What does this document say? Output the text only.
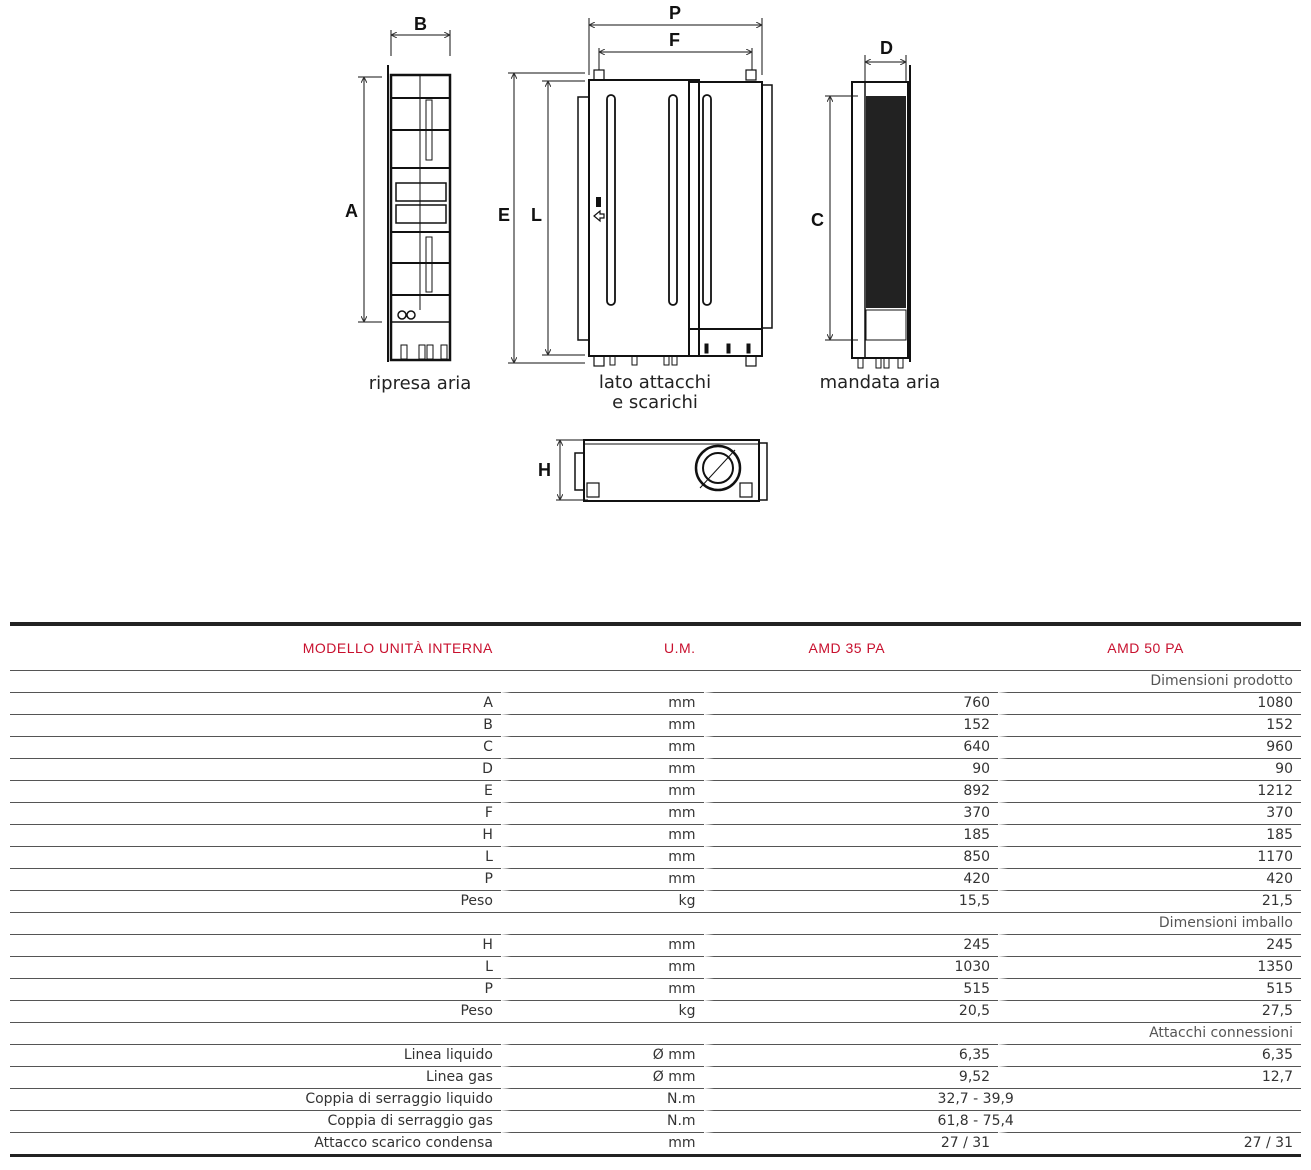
B
A
P
F
E L
D
C
H
ripresa aria	lato attacchi
e scarichi
mandata aria
MODELLO UNITÀ INTERNA	U.M.	AMD 35 PA	AMD 50 PA
Dimensioni prodotto			
A	mm	760	1080
B	mm	152	152
C	mm	640	960
D	mm	90	90
E	mm	892	1212
F	mm	370	370
H	mm	185	185
L	mm	850	1170
P	mm	420	420
Peso	kg	15,5	21,5
Dimensioni imballo			
H	mm	245	245
L	mm	1030	1350
P	mm	515	515
Peso	kg	20,5	27,5
Attacchi connessioni			
Linea liquido	Ø mm	6,35	6,35
Linea gas	Ø mm	9,52	12,7
Coppia di serraggio liquido	N.m	32,7 - 39,9	
Coppia di serraggio gas	N.m	61,8 - 75,4	
Attacco scarico condensa	mm	27 / 31	27 / 31
